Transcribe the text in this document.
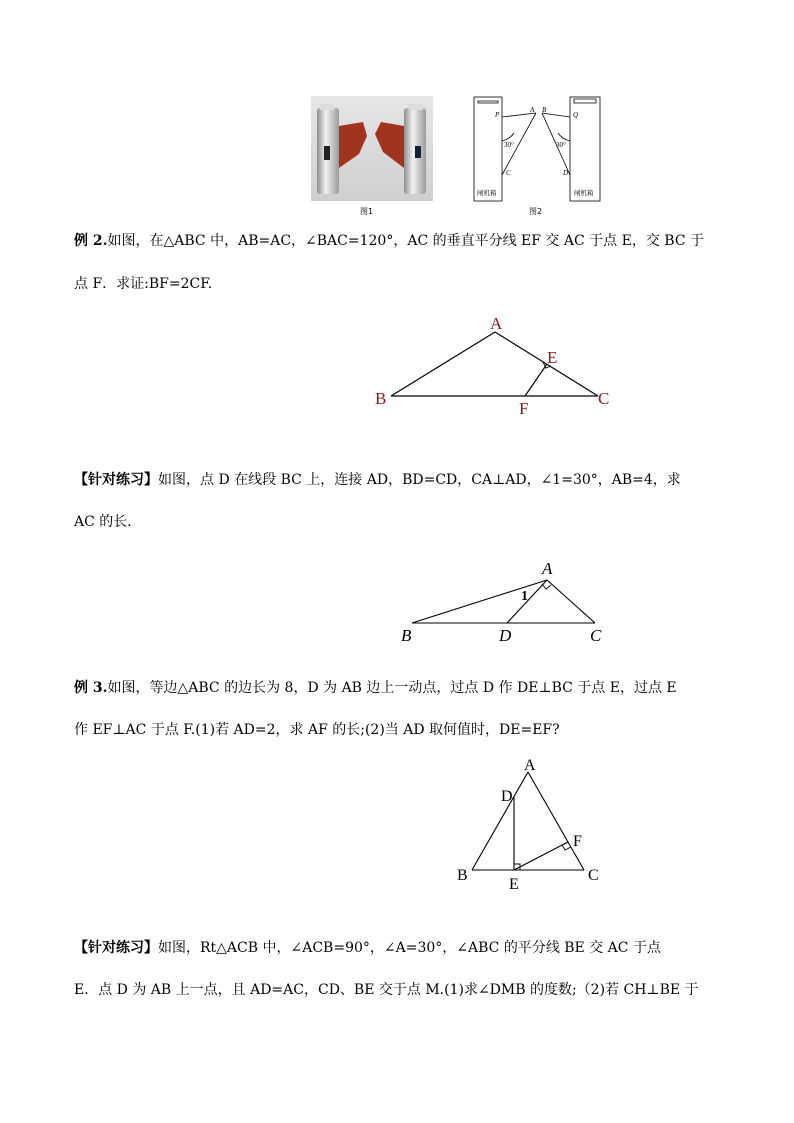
图1
P
A B
Q
C	D
30°	30°
闸机箱	闸机箱
图2
例 2.如图，在△ABC 中，AB=AC，∠BAC=120°，AC 的垂直平分线 EF 交 AC 于点 E，交 BC 于
点 F．求证:BF=2CF.
A
B	C
E
F
【针对练习】如图，点 D 在线段 BC 上，连接 AD，BD=CD，CA⊥AD，∠1=30°，AB=4，求
AC 的长．
A
B	C
D
1
例 3.如图，等边△ABC 的边长为 8，D 为 AB 边上一动点，过点 D 作 DE⊥BC 于点 E，过点 E
作 EF⊥AC 于点 F.(1)若 AD=2，求 AF 的长;(2)当 AD 取何值时，DE=EF?
A
B	C
D
E
F
【针对练习】如图，Rt△ACB 中，∠ACB=90°，∠A=30°，∠ABC 的平分线 BE 交 AC 于点
E．点 D 为 AB 上一点，且 AD=AC，CD、BE 交于点 M.(1)求∠DMB 的度数;（2)若 CH⊥BE 于
